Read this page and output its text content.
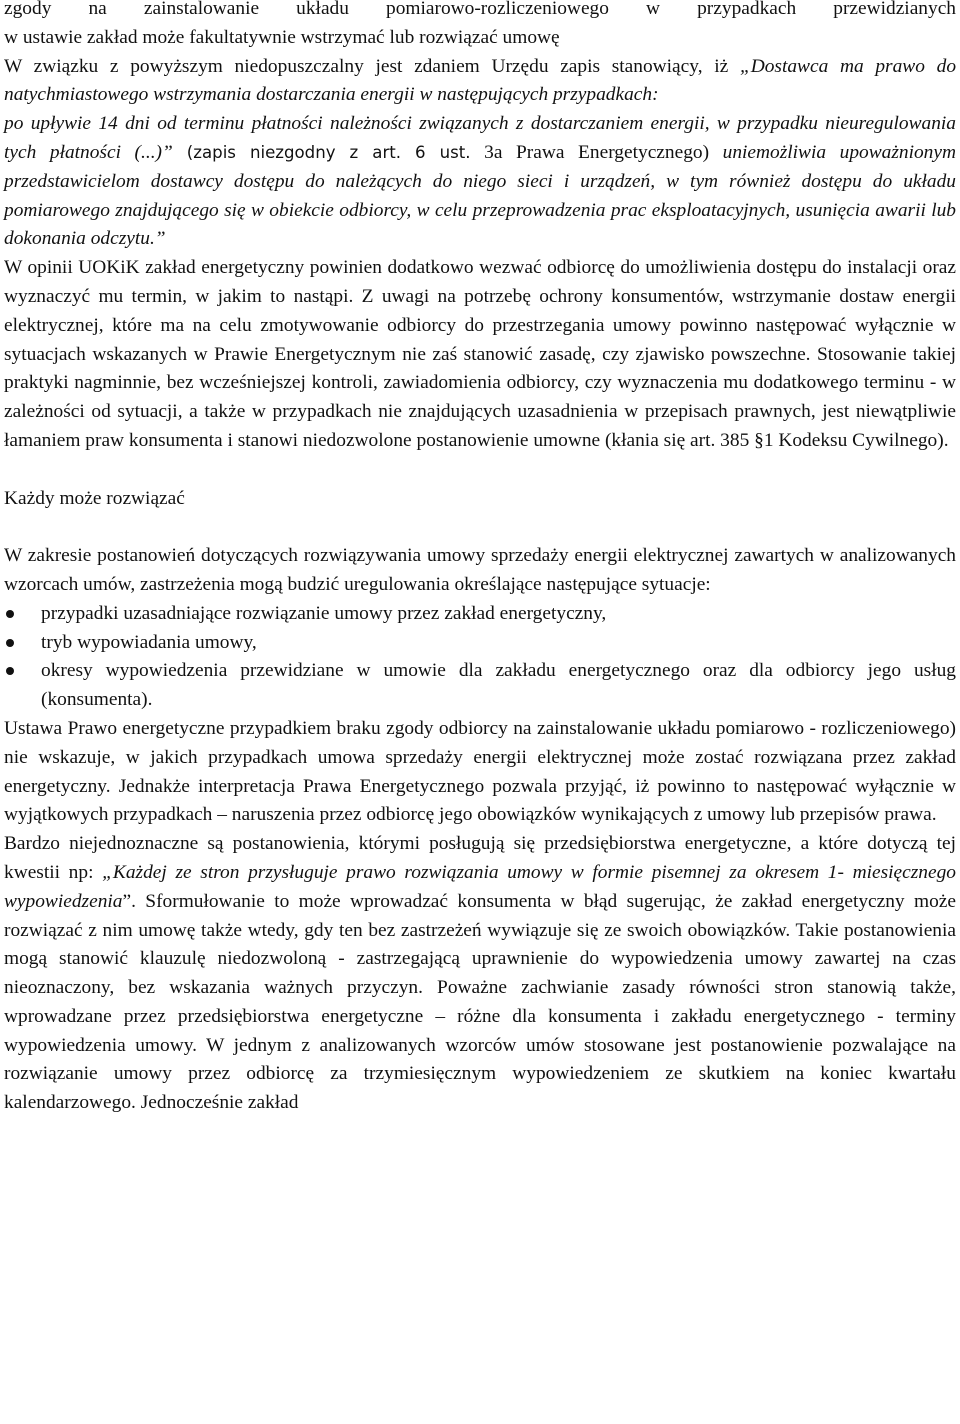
zgody na zainstalowanie układu pomiarowo-rozliczeniowego w przypadkach przewidzianych

w ustawie zakład może fakultatywnie wstrzymać lub rozwiązać umowę

W związku z powyższym niedopuszczalny jest zdaniem Urzędu zapis stanowiący, iż „Dostawca ma prawo do natychmiastowego wstrzymania dostarczania energii w następujących przypadkach:

po upływie 14 dni od terminu płatności należności związanych z dostarczaniem energii, w przypadku nieuregulowania tych płatności (...)” (zapis niezgodny z art. 6 ust. 3a Prawa Energetycznego) uniemożliwia upoważnionym przedstawicielom dostawcy dostępu do należących do niego sieci i urządzeń, w tym również dostępu do układu pomiarowego znajdującego się w obiekcie odbiorcy, w celu przeprowadzenia prac eksploatacyjnych, usunięcia awarii lub dokonania odczytu.”

W opinii UOKiK zakład energetyczny powinien dodatkowo wezwać odbiorcę do umożliwienia dostępu do instalacji oraz wyznaczyć mu termin, w jakim to nastąpi. Z uwagi na potrzebę ochrony konsumentów, wstrzymanie dostaw energii elektrycznej, które ma na celu zmotywowanie odbiorcy do przestrzegania umowy powinno następować wyłącznie w sytuacjach wskazanych w Prawie Energetycznym nie zaś stanowić zasadę, czy zjawisko powszechne. Stosowanie takiej praktyki nagminnie, bez wcześniejszej kontroli, zawiadomienia odbiorcy, czy wyznaczenia mu dodatkowego terminu - w zależności od sytuacji, a także w przypadkach nie znajdujących uzasadnienia w przepisach prawnych, jest niewątpliwie łamaniem praw konsumenta i stanowi niedozwolone postanowienie umowne (kłania się art. 385 §1 Kodeksu Cywilnego).

Każdy może rozwiązać

W zakresie postanowień dotyczących rozwiązywania umowy sprzedaży energii elektrycznej zawartych w analizowanych wzorcach umów, zastrzeżenia mogą budzić uregulowania określające następujące sytuacje:

przypadki uzasadniające rozwiązanie umowy przez zakład energetyczny,
tryb wypowiadania umowy,
okresy wypowiedzenia przewidziane w umowie dla zakładu energetycznego oraz dla odbiorcy jego usług (konsumenta).

Ustawa Prawo energetyczne przypadkiem braku zgody odbiorcy na zainstalowanie układu pomiarowo - rozliczeniowego) nie wskazuje, w jakich przypadkach umowa sprzedaży energii elektrycznej może zostać rozwiązana przez zakład energetyczny. Jednakże interpretacja Prawa Energetycznego pozwala przyjąć, iż powinno to następować wyłącznie w wyjątkowych przypadkach – naruszenia przez odbiorcę jego obowiązków wynikających z umowy lub przepisów prawa.

Bardzo niejednoznaczne są postanowienia, którymi posługują się przedsiębiorstwa energetyczne, a które dotyczą tej kwestii np: „Każdej ze stron przysługuje prawo rozwiązania umowy w formie pisemnej za okresem 1- miesięcznego wypowiedzenia”. Sformułowanie to może wprowadzać konsumenta w błąd sugerując, że zakład energetyczny może rozwiązać z nim umowę także wtedy, gdy ten bez zastrzeżeń wywiązuje się ze swoich obowiązków. Takie postanowienia mogą stanowić klauzulę niedozwoloną - zastrzegającą uprawnienie do wypowiedzenia umowy zawartej na czas nieoznaczony, bez wskazania ważnych przyczyn. Poważne zachwianie zasady równości stron stanowią także, wprowadzane przez przedsiębiorstwa energetyczne – różne dla konsumenta i zakładu energetycznego - terminy wypowiedzenia umowy. W jednym z analizowanych wzorców umów stosowane jest postanowienie pozwalające na rozwiązanie umowy przez odbiorcę za trzymiesięcznym wypowiedzeniem ze skutkiem na koniec kwartału kalendarzowego. Jednocześnie zakład
